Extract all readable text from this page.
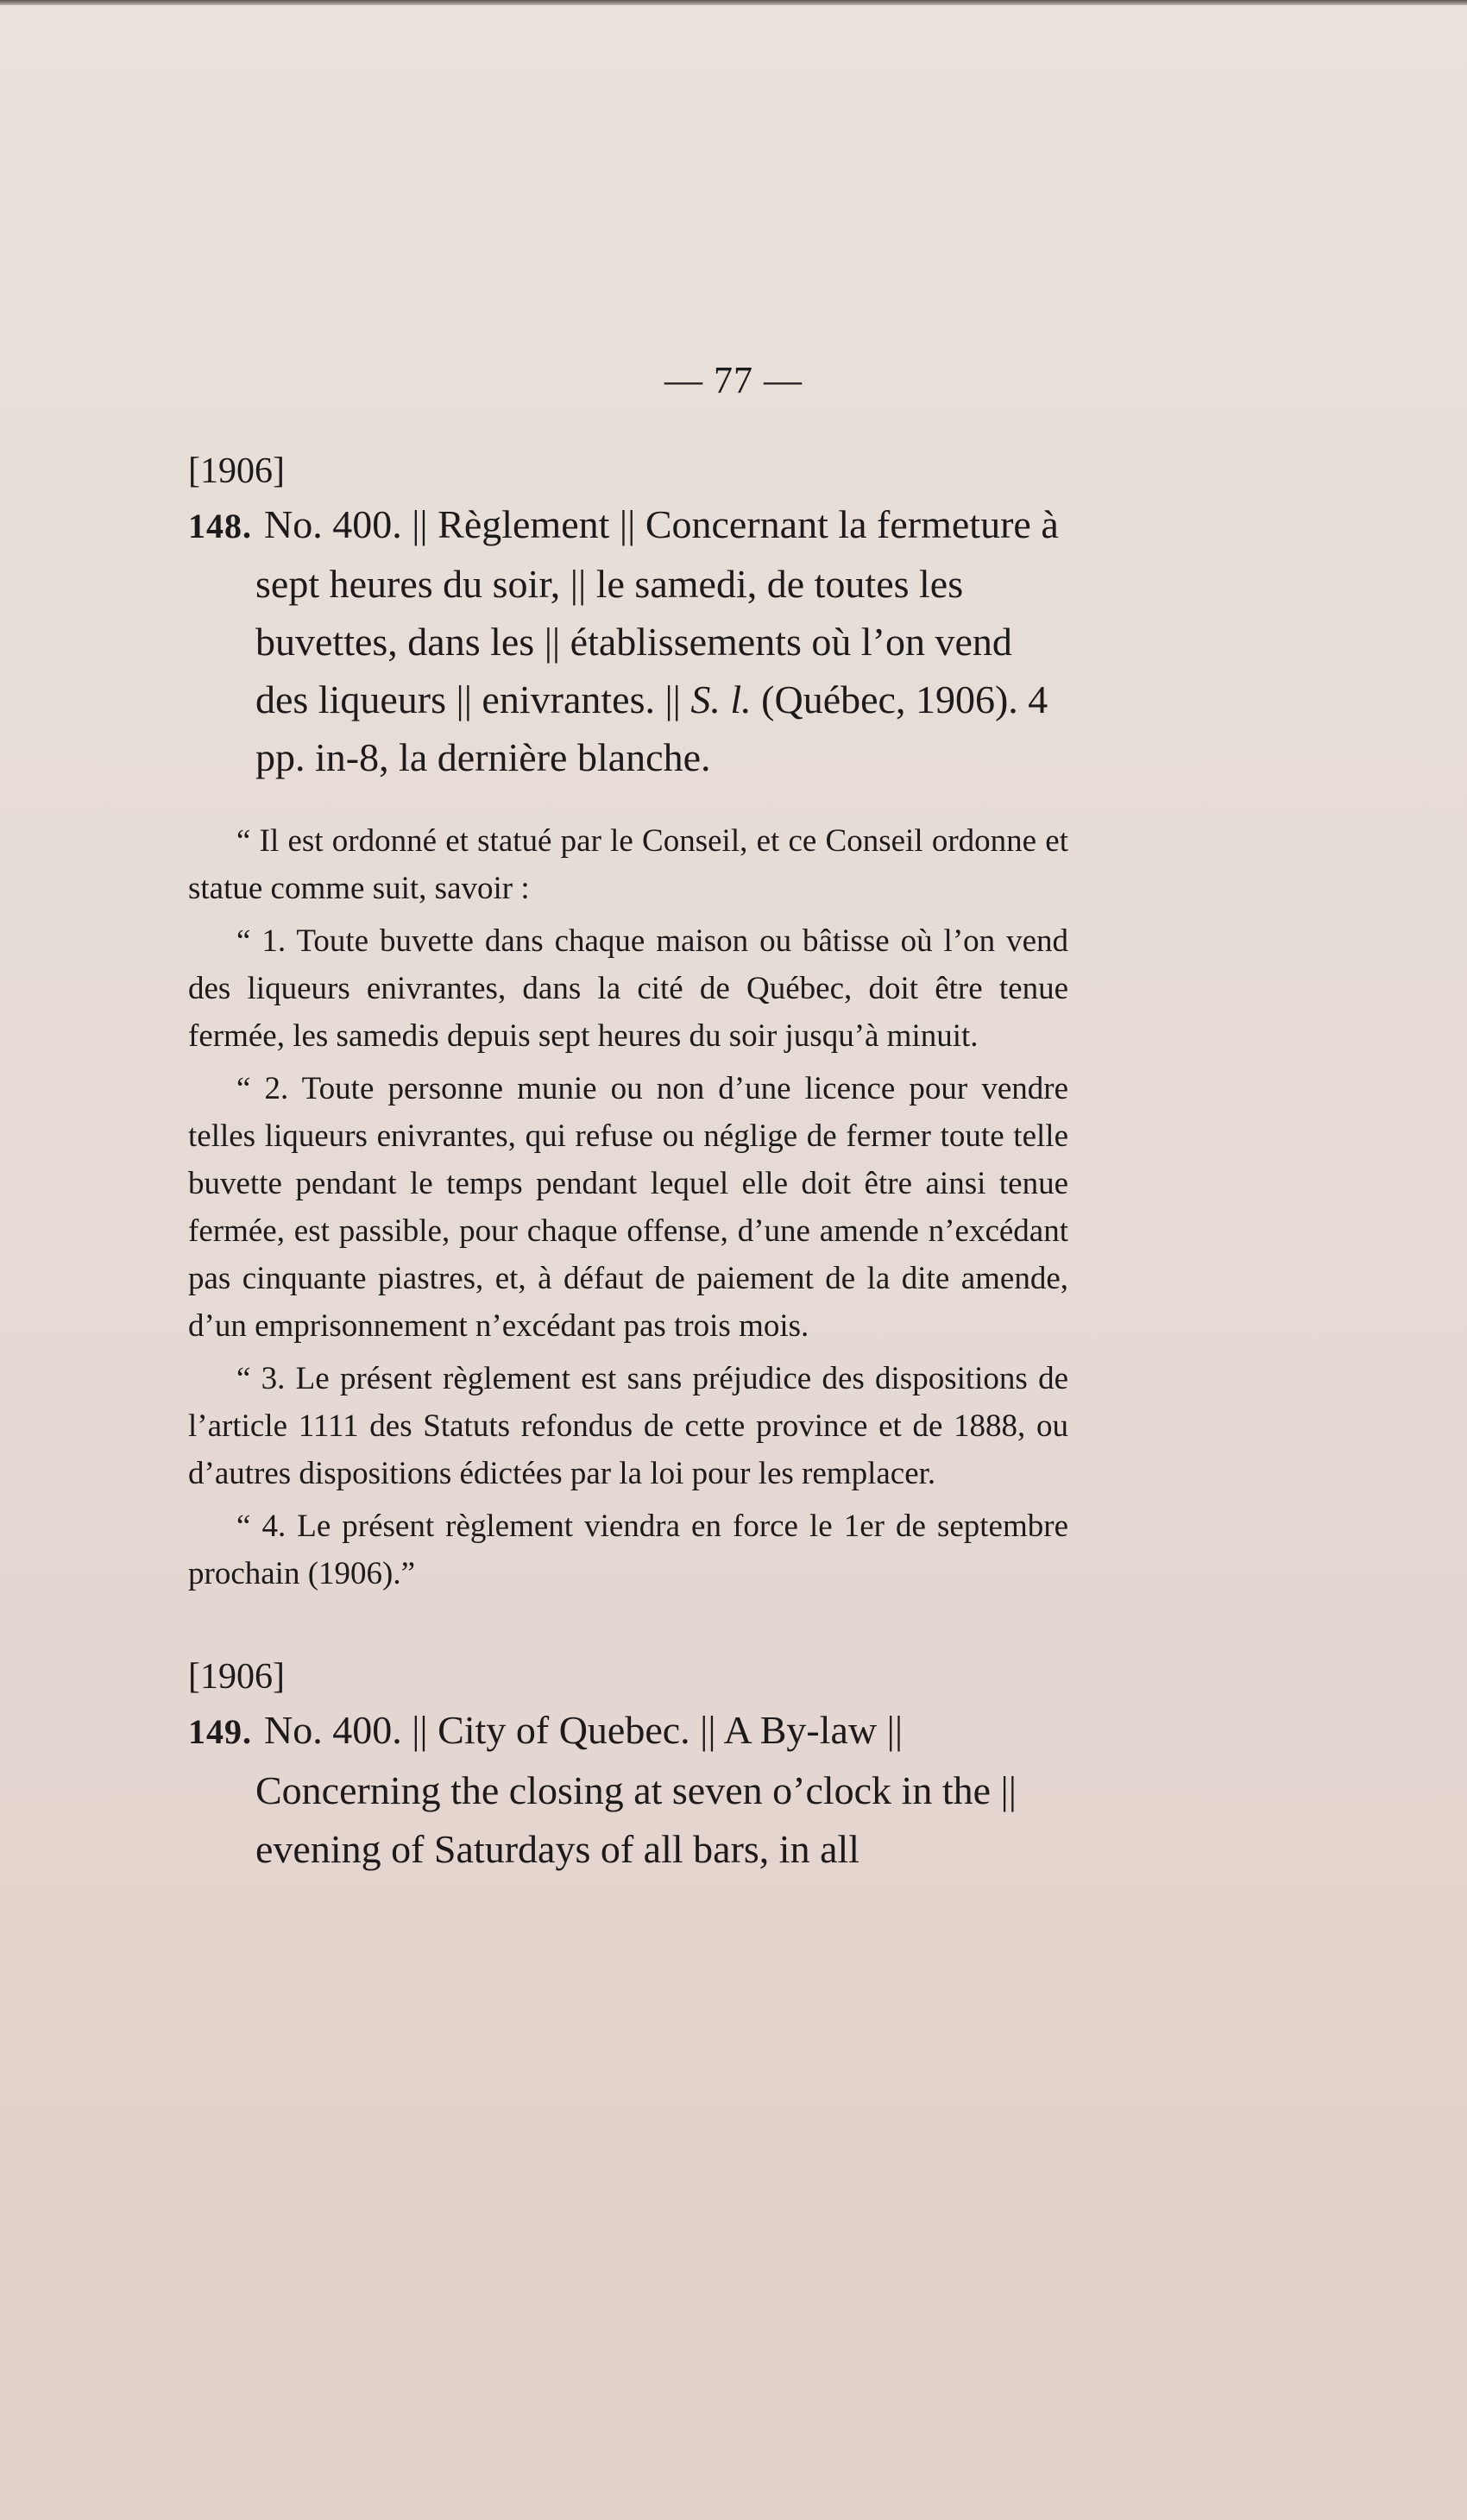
— 77 —

[1906]

148. No. 400. || Règlement || Concernant la fermeture à sept heures du soir, || le samedi, de toutes les buvettes, dans les || établissements où l’on vend des liqueurs || enivrantes. || S. l. (Québec, 1906). 4 pp. in-8, la dernière blanche.

“ Il est ordonné et statué par le Conseil, et ce Conseil ordonne et statue comme suit, savoir :

“ 1. Toute buvette dans chaque maison ou bâtisse où l’on vend des liqueurs enivrantes, dans la cité de Québec, doit être tenue fermée, les samedis depuis sept heures du soir jusqu’à minuit.

“ 2. Toute personne munie ou non d’une licence pour vendre telles liqueurs enivrantes, qui refuse ou néglige de fermer toute telle buvette pendant le temps pendant lequel elle doit être ainsi tenue fermée, est passible, pour chaque offense, d’une amende n’excédant pas cinquante piastres, et, à défaut de paiement de la dite amende, d’un emprisonnement n’excédant pas trois mois.

“ 3. Le présent règlement est sans préjudice des dispositions de l’article 1111 des Statuts refondus de cette province et de 1888, ou d’autres dispositions édictées par la loi pour les remplacer.

“ 4. Le présent règlement viendra en force le 1er de septembre prochain (1906).”

[1906]

149. No. 400. || City of Quebec. || A By-law || Concerning the closing at seven o’clock in the || evening of Saturdays of all bars, in all
